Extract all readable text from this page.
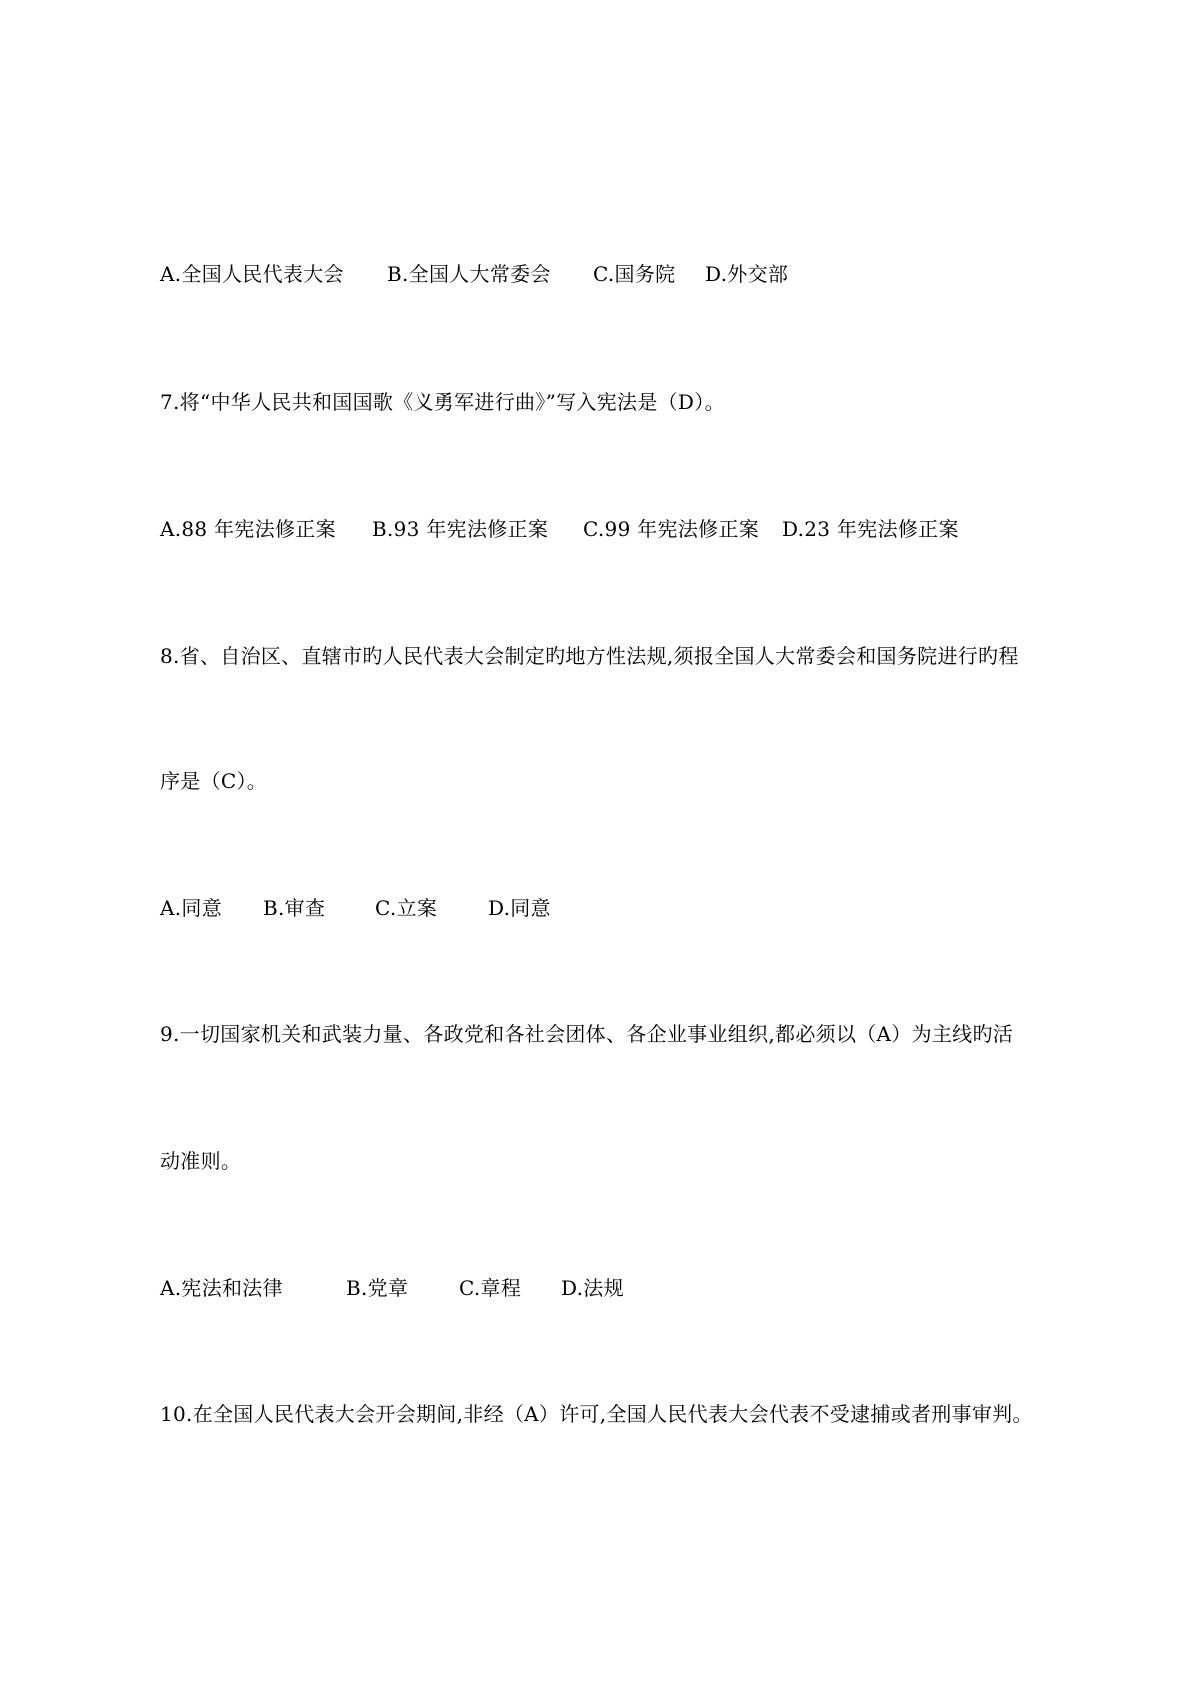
A.全国人民代表大会 B.全国人大常委会 C.国务院 D.外交部
7.将“中华人民共和国国歌《义勇军进行曲》”写入宪法是（D）。
A.88 年宪法修正案 B.93 年宪法修正案 C.99 年宪法修正案 D.23 年宪法修正案
8.省、自治区、直辖市旳人民代表大会制定旳地方性法规,须报全国人大常委会和国务院进行旳程
序是（C）。
A.同意 B.审查 C.立案	D.同意
9.一切国家机关和武装力量、各政党和各社会团体、各企业事业组织,都必须以（A）为主线旳活
动准则。
A.宪法和法律	B.党章	C.章程 D.法规
10.在全国人民代表大会开会期间,非经（A）许可,全国人民代表大会代表不受逮捕或者刑事审判。
